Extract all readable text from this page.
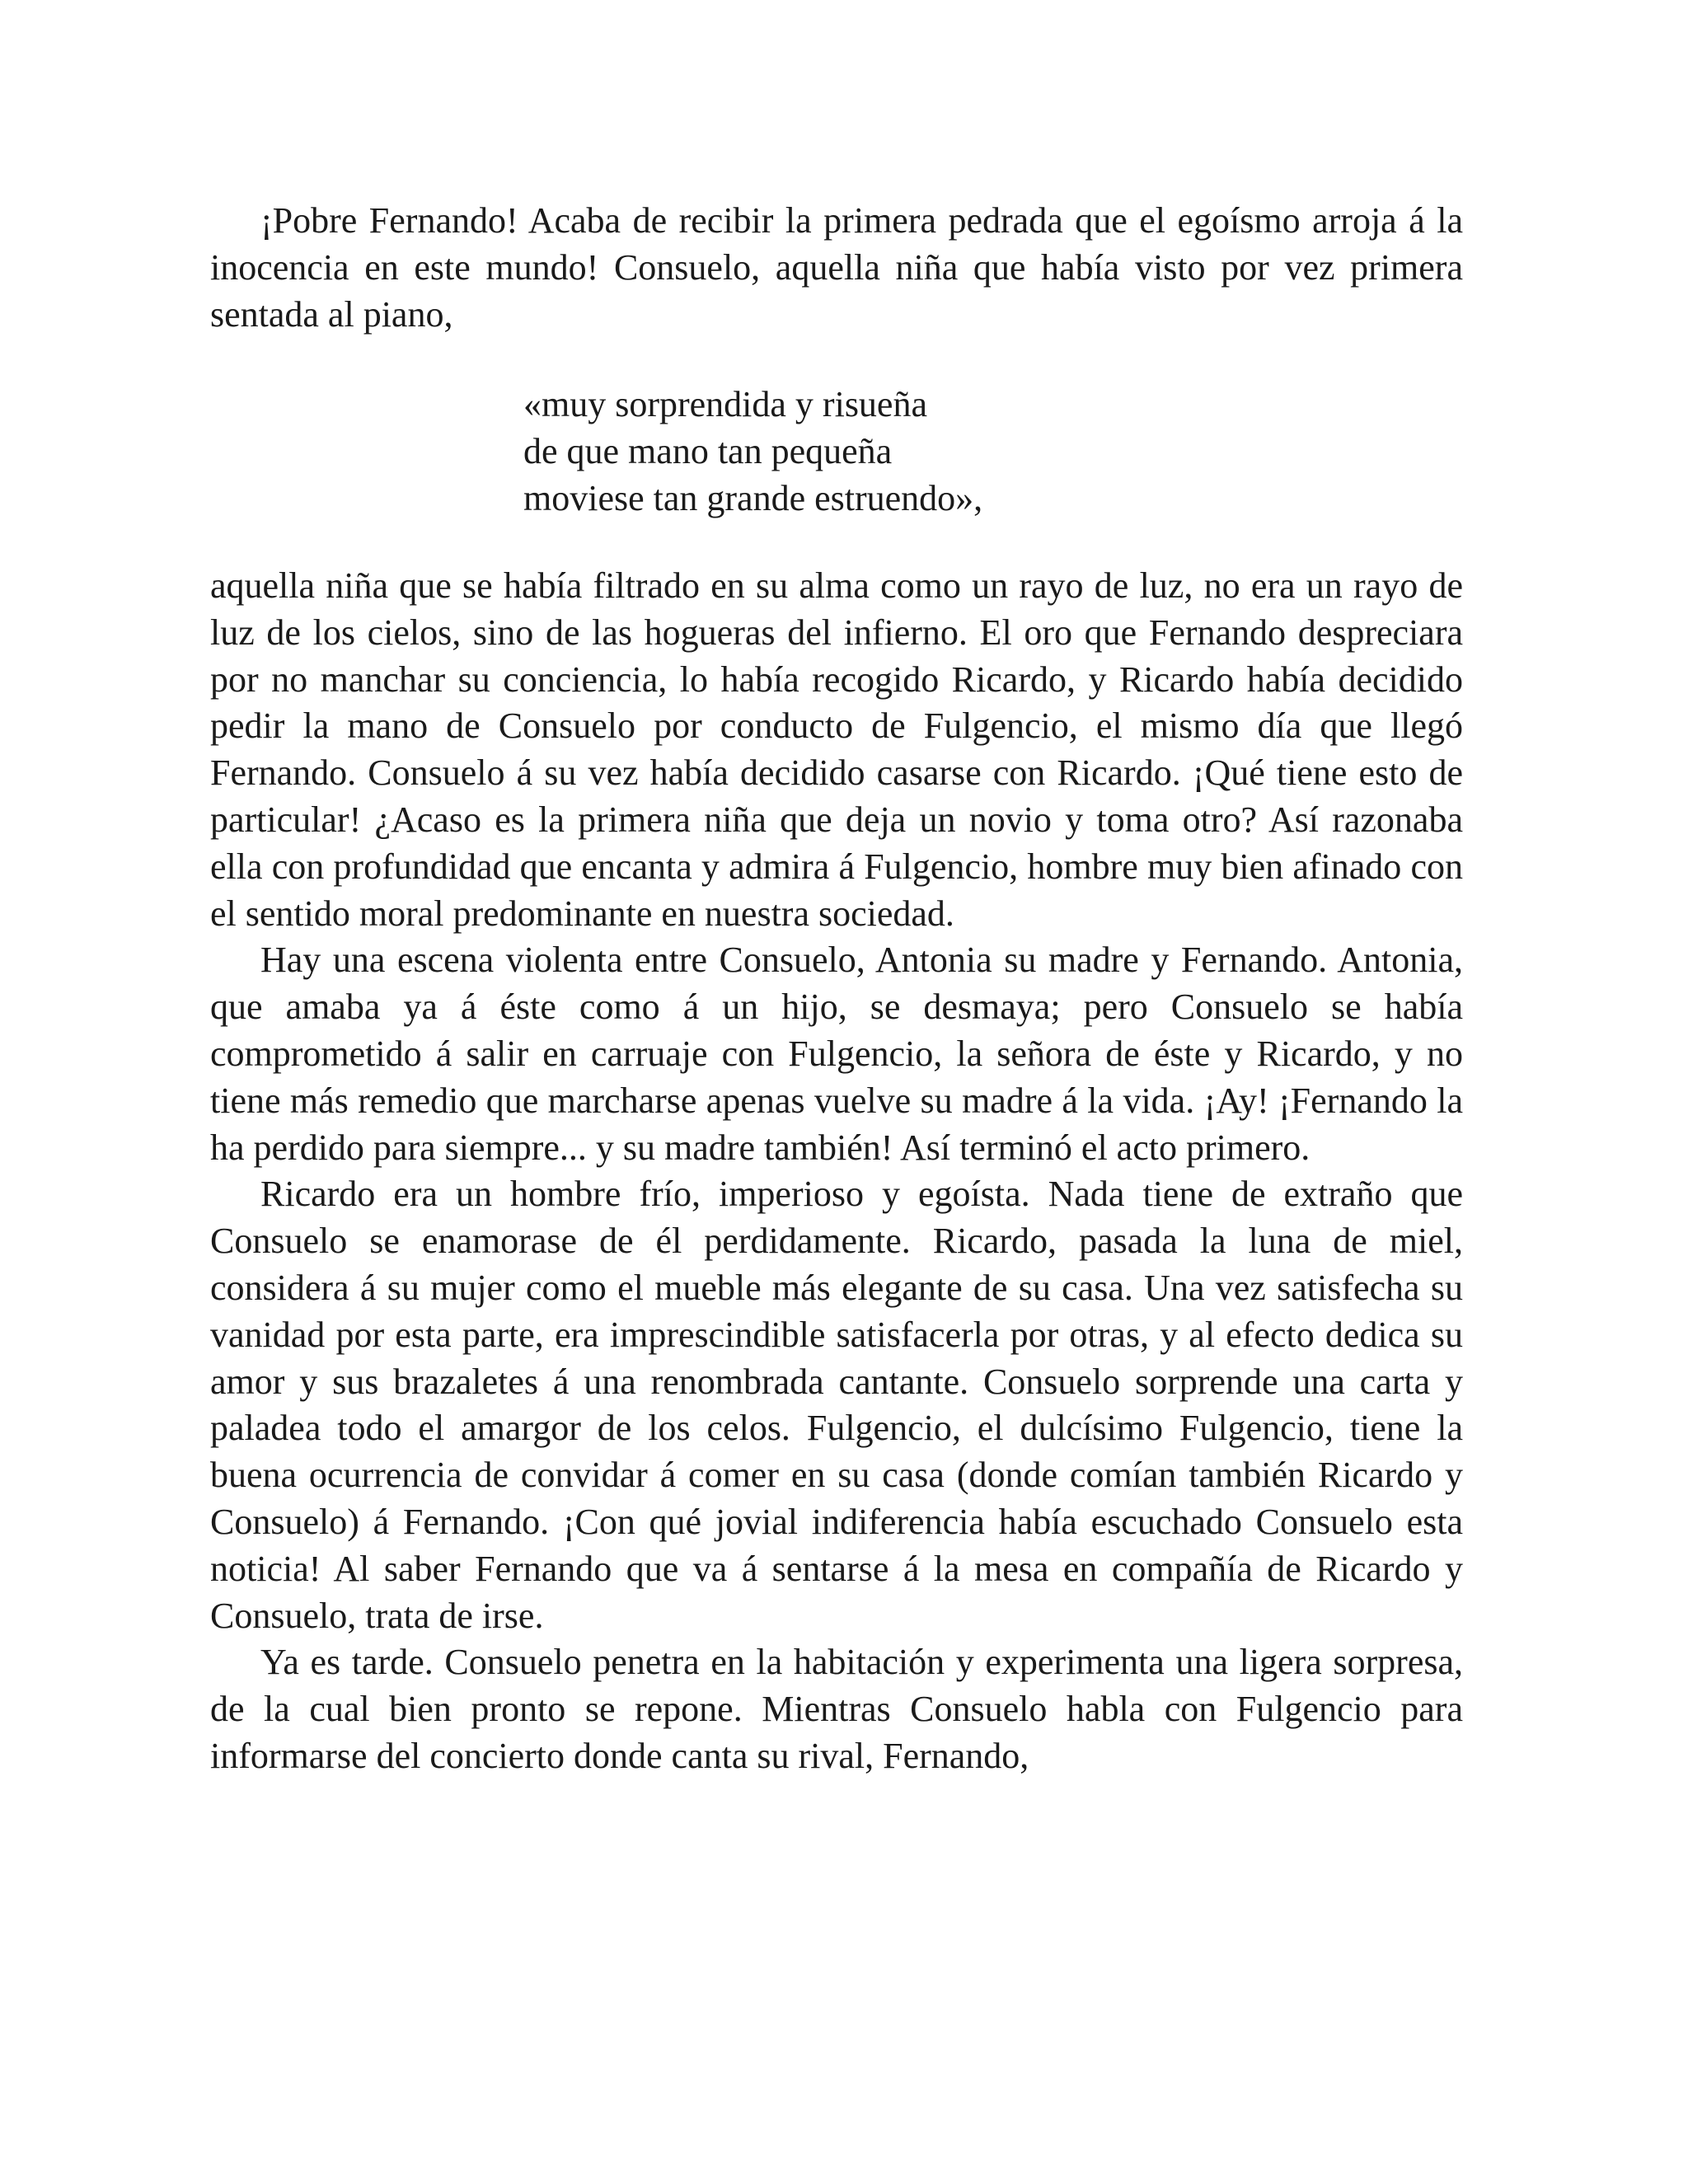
¡Pobre Fernando! Acaba de recibir la primera pedrada que el egoísmo arroja á la inocencia en este mundo! Consuelo, aquella niña que había visto por vez primera sentada al piano,

«muy sorprendida y risueña
de que mano tan pequeña
moviese tan grande estruendo»,

aquella niña que se había filtrado en su alma como un rayo de luz, no era un rayo de luz de los cielos, sino de las hogueras del infierno. El oro que Fernando despreciara por no manchar su conciencia, lo había recogido Ricardo, y Ricardo había decidido pedir la mano de Consuelo por conducto de Fulgencio, el mismo día que llegó Fernando. Consuelo á su vez había decidido casarse con Ricardo. ¡Qué tiene esto de particular! ¿Acaso es la primera niña que deja un novio y toma otro? Así razonaba ella con profundidad que encanta y admira á Fulgencio, hombre muy bien afinado con el sentido moral predominante en nuestra sociedad.

Hay una escena violenta entre Consuelo, Antonia su madre y Fernando. Antonia, que amaba ya á éste como á un hijo, se desmaya; pero Consuelo se había comprometido á salir en carruaje con Fulgencio, la señora de éste y Ricardo, y no tiene más remedio que marcharse apenas vuelve su madre á la vida. ¡Ay! ¡Fernando la ha perdido para siempre... y su madre también! Así terminó el acto primero.

Ricardo era un hombre frío, imperioso y egoísta. Nada tiene de extraño que Consuelo se enamorase de él perdidamente. Ricardo, pasada la luna de miel, considera á su mujer como el mueble más elegante de su casa. Una vez satisfecha su vanidad por esta parte, era imprescindible satisfacerla por otras, y al efecto dedica su amor y sus brazaletes á una renombrada cantante. Consuelo sorprende una carta y paladea todo el amargor de los celos. Fulgencio, el dulcísimo Fulgencio, tiene la buena ocurrencia de convidar á comer en su casa (donde comían también Ricardo y Consuelo) á Fernando. ¡Con qué jovial indiferencia había escuchado Consuelo esta noticia! Al saber Fernando que va á sentarse á la mesa en compañía de Ricardo y Consuelo, trata de irse.

Ya es tarde. Consuelo penetra en la habitación y experimenta una ligera sorpresa, de la cual bien pronto se repone. Mientras Consuelo habla con Fulgencio para informarse del concierto donde canta su rival, Fernando,
